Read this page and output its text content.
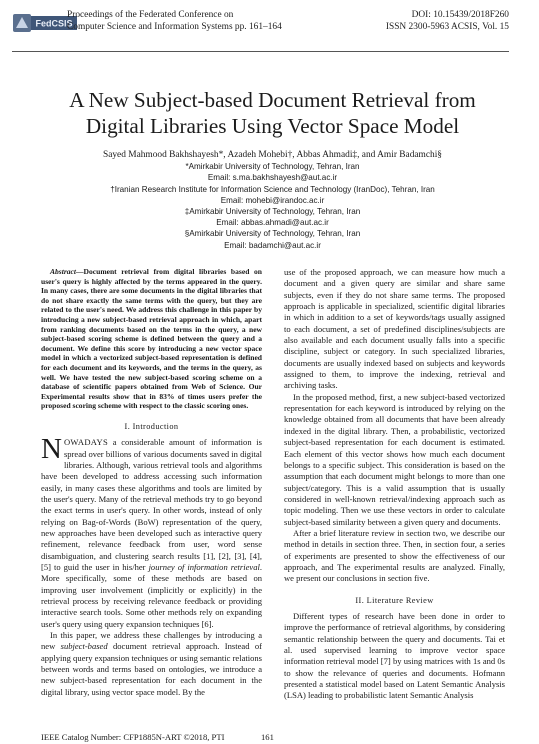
FedCSIS
Proceedings of the Federated Conference on	DOI: 10.15439/2018F260
Computer Science and Information Systems pp. 161–164	ISSN 2300-5963 ACSIS, Vol. 15
A New Subject-based Document Retrieval from
Digital Libraries Using Vector Space Model
Sayed Mahmood Bakhshayesh*, Azadeh Mohebi†, Abbas Ahmadi‡, and Amir Badamchi§
*Amirkabir University of Technology, Tehran, Iran
Email: s.ma.bakhshayesh@aut.ac.ir
†Iranian Research Institute for Information Science and Technology (IranDoc), Tehran, Iran
Email: mohebi@irandoc.ac.ir
‡Amirkabir University of Technology, Tehran, Iran
Email: abbas.ahmadi@aut.ac.ir
§Amirkabir University of Technology, Tehran, Iran
Email: badamchi@aut.ac.ir

Abstract—Document retrieval from digital libraries based on user's query is highly affected by the terms appeared in the query. In many cases, there are some documents in the digital libraries that do not share exactly the same terms with the query, but they are related to the user's need. We address this challenge in this paper by introducing a new subject-based retrieval approach in which, apart from ranking documents based on the terms in the query, a new subject-based scoring scheme is defined between the query and a document. We define this score by introducing a new vector space model in which a vectorized subject-based representation is defined for each document and its keywords, and the terms in the query, as well. We have tested the new subject-based scoring scheme on a database of scientific papers obtained from Web of Science. Our Experimental results show that in 83% of times users prefer the proposed scoring scheme with respect to the classic scoring ones.

I. Introduction

NOWADAYS a considerable amount of information is spread over billions of various documents saved in digital libraries. Although, various retrieval tools and algorithms have been developed to address accessing such information easily, in many cases these algorithms and tools are limited by the user's query. Many of the retrieval methods try to go beyond the exact terms in user's query. In other words, instead of only relying on Bag-of-Words (BoW) representation of the query, new approaches have been developed such as interactive query refinement, relevance feedback from user, word sense disambiguation, and clustering search results [1], [2], [3], [4], [5] to guid the user in his/her journey of information retrieval. More specifically, some of these methods are based on improving user involvement (implicitly or explicitly) in the retrieval process by receiving relevance feedback or providing interactive search tools. Some other methods rely on expanding user's query using query expansion techniques [6].

In this paper, we address these challenges by introducing a new subject-based document retrieval approach. Instead of applying query expansion techniques or using semantic relations between words and terms based on ontologies, we introduce a new subject-based representation for each document in the digital library, using vector space model. By the

use of the proposed approach, we can measure how much a document and a given query are similar and share same subjects, even if they do not share same terms. The proposed approach is applicable in specialized, scientific digital libraries in which in addition to a set of keywords/tags usually assigned to each document, a set of predefined disciplines/subjects are also available and each document usually falls into a specific discipline, subject or category. In such specialized libraries, documents are usually indexed based on subjects and keywords assigned to them, to improve the indexing, retrieval and archiving tasks.

In the proposed method, first, a new subject-based vectorized representation for each keyword is introduced by relying on the knowledge obtained from all documents that have been already indexed in the digital library. Then, a probabilistic, vectorized subject-based representation for each document is estimated. Each element of this vector shows how much each document belongs to a specific subject. This consideration is based on the assumption that each document might belongs to more than one subject/category. This is a valid assumption that is usually considered in well-known retrieval/indexing approach such as topic modeling. Then we use these vectors in order to calculate subject-based similarity between a given query and documents.

After a brief literature review in section two, we describe our method in details in section three. Then, in section four, a series of experiments are presented to show the effectiveness of our approach, and The experimental results are analyzed. Finally, we present our conclusions in section five.

II. Literature Review

Different types of research have been done in order to improve the performance of retrieval algorithms, by considering semantic relationship between the query and documents. Tai et al. used supervised learning to improve vector space information retrieval model [7] by using matrices with 1s and 0s to show the relevance of queries and documents. Hofmann presented a statistical model based on Latent Semantic Analysis (LSA) leading to probabilistic latent Semantic Analysis

IEEE Catalog Number: CFP1885N-ART ©2018, PTI	161
